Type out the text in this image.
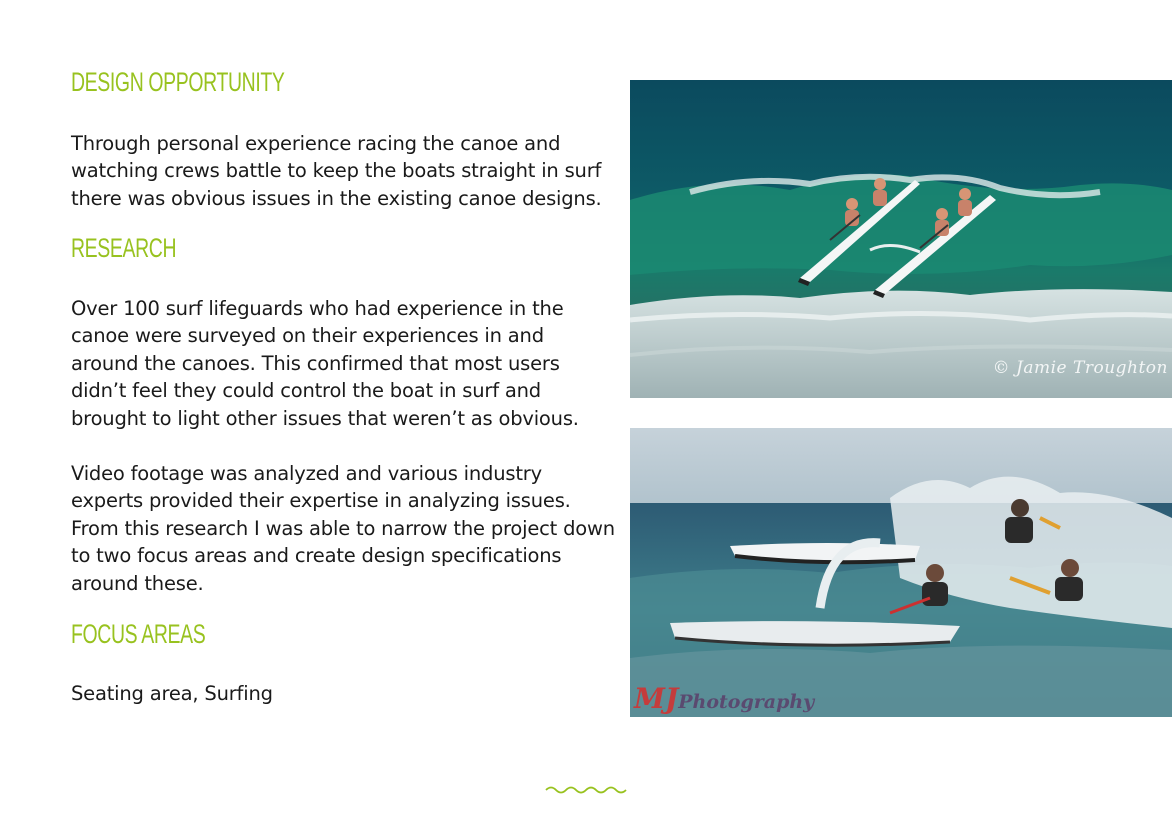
DESIGN OPPORTUNITY

Through personal experience racing the canoe and watching crews battle to keep the boats straight in surf there was obvious issues in the existing canoe designs.

RESEARCH

Over 100 surf lifeguards who had experience in the canoe were surveyed on their experiences in and around the canoes. This confirmed that most users didn’t feel they could control the boat in surf and brought to light other issues that weren’t as obvious.

Video footage was analyzed and various industry experts provided their expertise in analyzing issues. From this research I was able to narrow the project down to two focus areas and create design specifications around these.

FOCUS AREAS

Seating area, Surfing

© Jamie Troughton
MJPhotography
